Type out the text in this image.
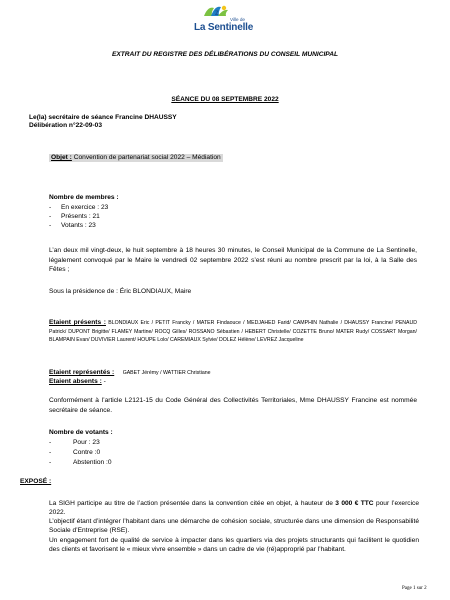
Z
Ville de
La Sentinelle
EXTRAIT DU REGISTRE DES DÉLIBÉRATIONS DU CONSEIL MUNICIPAL
SÉANCE DU 08 SEPTEMBRE 2022
Le(la) secrétaire de séance Francine DHAUSSY
Délibération n°22-09-03
Objet : Convention de partenariat social 2022 – Médiation
Nombre de membres :
- En exercice : 23
- Présents : 21
- Votants : 23
L’an deux mil vingt-deux, le huit septembre à 18 heures 30 minutes, le Conseil Municipal de la Commune de La Sentinelle, légalement convoqué par le Maire le vendredi 02 septembre 2022 s’est réuni au nombre prescrit par la loi, à la Salle des Fêtes ;
Sous la présidence de : Éric BLONDIAUX, Maire
Etaient présents : BLONDIAUX Eric / PETIT Francky / MATER Findaouce / MEDJAHED Farid/ CAMPHIN Nathalie / DHAUSSY Francine/ PENAUD Patrick/ DUPONT Brigitte/ FLAMEY Martine/ ROCQ Gilles/ ROSSANO Sébastien / HEBERT Christelle/ COZETTE Bruno/ MATER Rudy/ COSSART Morgan/ BLAMPAIN Evan/ DUVIVIER Laurent/ HOUPE Lolo/ CAREMIAUX Sylvie/ DOLEZ Hélène/ LEVREZ Jacqueline
Etaient représentés : GABET Jérémy / WATTIER Christiane
Etaient absents : -
Conformément à l’article L2121-15 du Code Général des Collectivités Territoriales, Mme DHAUSSY Francine est nommée secrétaire de séance.
Nombre de votants :
-	Pour : 23
-	Contre :0
-	Abstention :0
EXPOSÉ :
La SIGH participe au titre de l’action présentée dans la convention citée en objet, à hauteur de 3 000 € TTC pour l’exercice 2022.
L’objectif étant d’intégrer l’habitant dans une démarche de cohésion sociale, structurée dans une dimension de Responsabilité Sociale d’Entreprise (RSE).
Un engagement fort de qualité de service à impacter dans les quartiers via des projets structurants qui facilitent le quotidien des clients et favorisent le « mieux vivre ensemble » dans un cadre de vie (ré)approprié par l’habitant.
Page 1 sur 2
